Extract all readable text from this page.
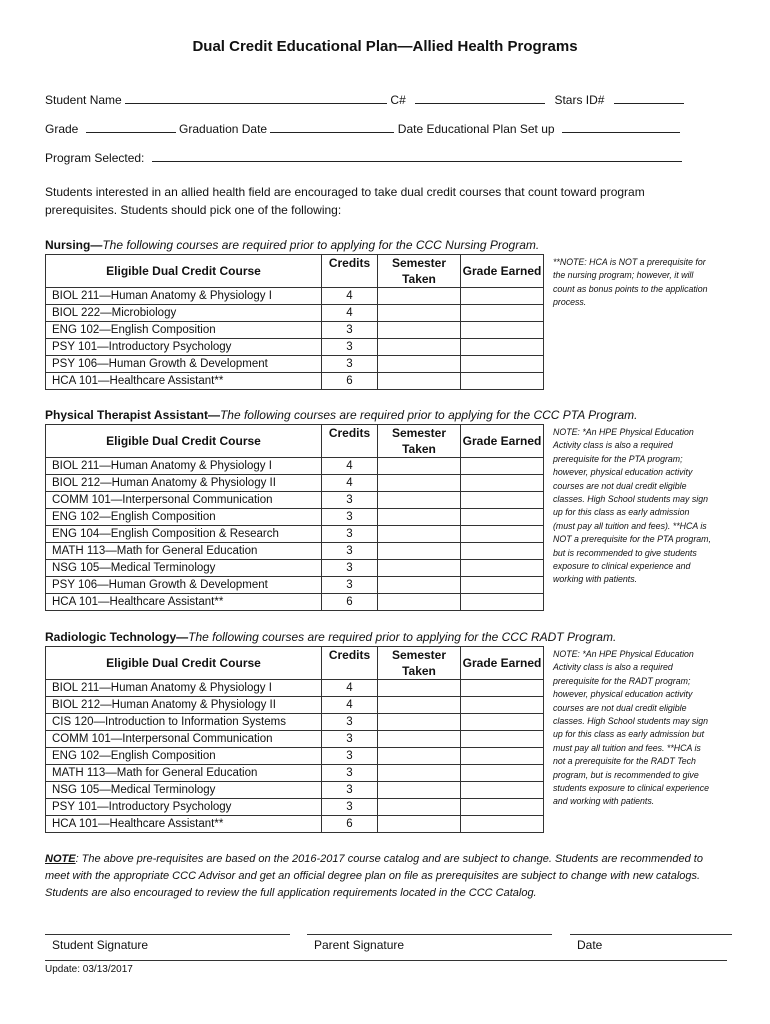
Dual Credit Educational Plan—Allied Health Programs
Student Name	C#	Stars ID#
Grade	Graduation Date	Date Educational Plan Set up
Program Selected:
Students interested in an allied health field are encouraged to take dual credit courses that count toward program prerequisites. Students should pick one of the following:
Nursing—The following courses are required prior to applying for the CCC Nursing Program.
Eligible Dual Credit Course	Credits	Semester Taken	Grade Earned
BIOL 211—Human Anatomy & Physiology I	4		
BIOL 222—Microbiology	4		
ENG 102—English Composition	3		
PSY 101—Introductory Psychology	3		
PSY 106—Human Growth & Development	3		
HCA 101—Healthcare Assistant**	6		
**NOTE: HCA is NOT a prerequisite for the nursing program; however, it will count as bonus points to the application process.
Physical Therapist Assistant—The following courses are required prior to applying for the CCC PTA Program.
Eligible Dual Credit Course	Credits	Semester Taken	Grade Earned
BIOL 211—Human Anatomy & Physiology I	4		
BIOL 212—Human Anatomy & Physiology II	4		
COMM 101—Interpersonal Communication	3		
ENG 102—English Composition	3		
ENG 104—English Composition & Research	3		
MATH 113—Math for General Education	3		
NSG 105—Medical Terminology	3		
PSY 106—Human Growth & Development	3		
HCA 101—Healthcare Assistant**	6		
NOTE: *An HPE Physical Education Activity class is also a required prerequisite for the PTA program; however, physical education activity courses are not dual credit eligible classes. High School students may sign up for this class as early admission (must pay all tuition and fees). **HCA is NOT a prerequisite for the PTA program, but is recommended to give students exposure to clinical experience and working with patients.
Radiologic Technology—The following courses are required prior to applying for the CCC RADT Program.
Eligible Dual Credit Course	Credits	Semester Taken	Grade Earned
BIOL 211—Human Anatomy & Physiology I	4		
BIOL 212—Human Anatomy & Physiology II	4		
CIS 120—Introduction to Information Systems	3		
COMM 101—Interpersonal Communication	3		
ENG 102—English Composition	3		
MATH 113—Math for General Education	3		
NSG 105—Medical Terminology	3		
PSY 101—Introductory Psychology	3		
HCA 101—Healthcare Assistant**	6		
NOTE: *An HPE Physical Education Activity class is also a required prerequisite for the RADT program; however, physical education activity courses are not dual credit eligible classes. High School students may sign up for this class as early admission but must pay all tuition and fees. **HCA is not a prerequisite for the RADT Tech program, but is recommended to give students exposure to clinical experience and working with patients.
NOTE: The above pre-requisites are based on the 2016-2017 course catalog and are subject to change. Students are recommended to meet with the appropriate CCC Advisor and get an official degree plan on file as prerequisites are subject to change with new catalogs. Students are also encouraged to review the full application requirements located in the CCC Catalog.
Student Signature	Parent Signature	Date
Update: 03/13/2017
